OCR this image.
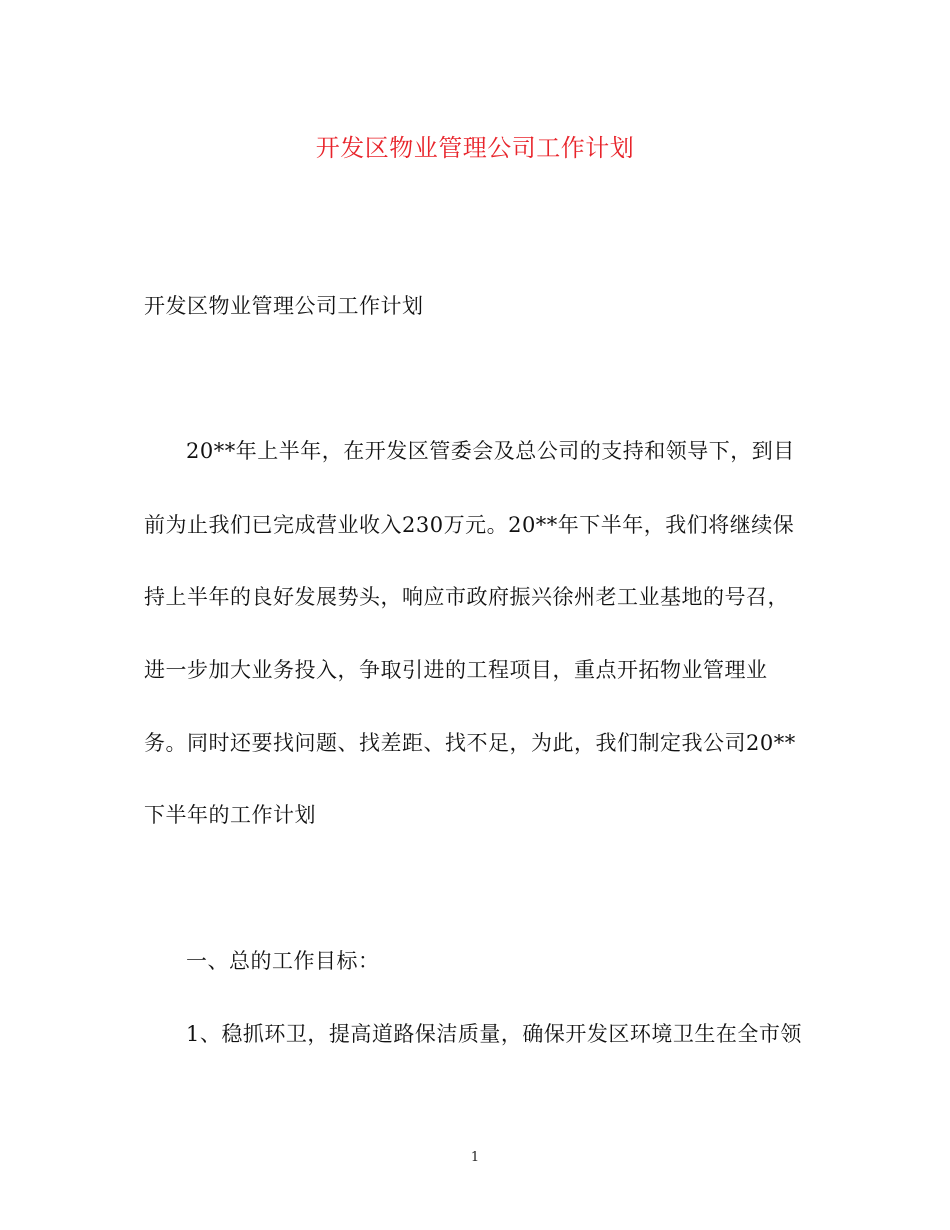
开发区物业管理公司工作计划
开发区物业管理公司工作计划
20**年上半年，在开发区管委会及总公司的支持和领导下，到目
前为止我们已完成营业收入230万元。20**年下半年，我们将继续保
持上半年的良好发展势头，响应市政府振兴徐州老工业基地的号召，
进一步加大业务投入，争取引进的工程项目，重点开拓物业管理业
务。同时还要找问题、找差距、找不足，为此，我们制定我公司20**
下半年的工作计划
一、总的工作目标：
1、稳抓环卫，提高道路保洁质量，确保开发区环境卫生在全市领
1
